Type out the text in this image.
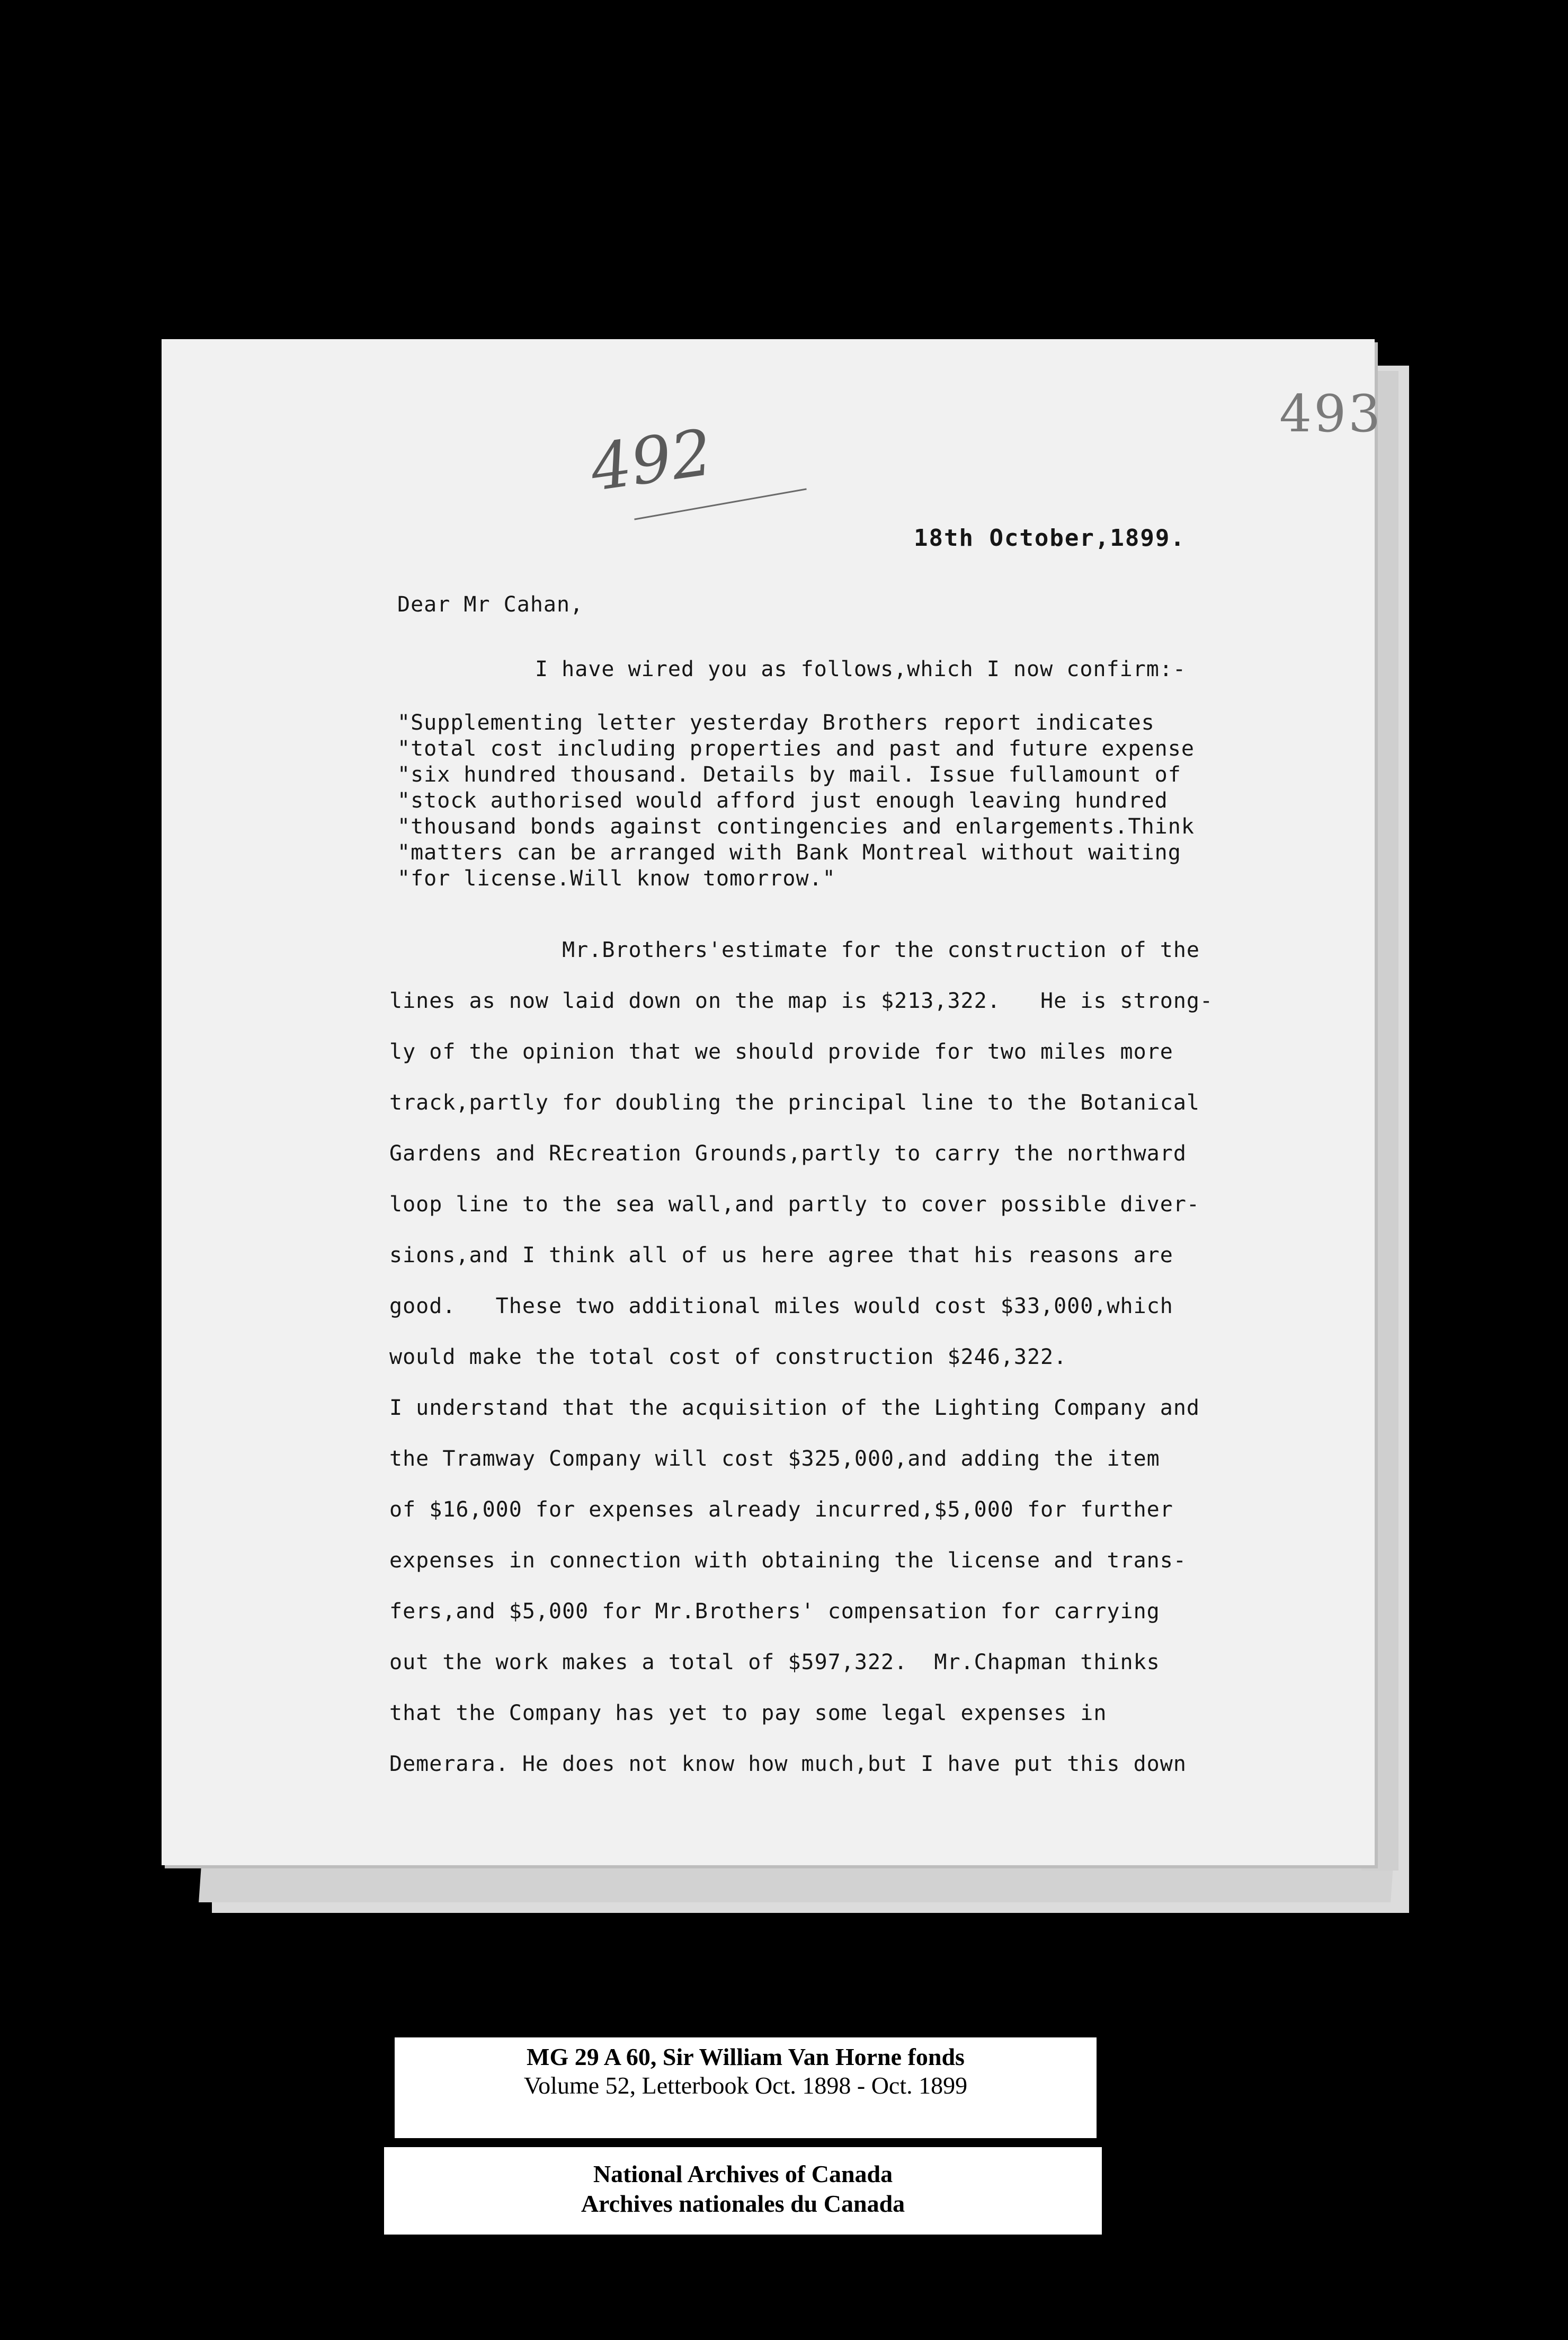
493
492
18th October,1899.
Dear Mr Cahan,
I have wired you as follows,which I now confirm:-
"Supplementing letter yesterday Brothers report indicates
"total cost including properties and past and future expense
"six hundred thousand. Details by mail. Issue fullamount of
"stock authorised would afford just enough leaving hundred
"thousand bonds against contingencies and enlargements.Think
"matters can be arranged with Bank Montreal without waiting
"for license.Will know tomorrow."
Mr.Brothers'estimate for the construction of the
lines as now laid down on the map is $213,322.   He is strong-
ly of the opinion that we should provide for two miles more
track,partly for doubling the principal line to the Botanical
Gardens and REcreation Grounds,partly to carry the northward
loop line to the sea wall,and partly to cover possible diver-
sions,and I think all of us here agree that his reasons are
good.   These two additional miles would cost $33,000,which
would make the total cost of construction $246,322.
I understand that the acquisition of the Lighting Company and
the Tramway Company will cost $325,000,and adding the item
of $16,000 for expenses already incurred,$5,000 for further
expenses in connection with obtaining the license and trans-
fers,and $5,000 for Mr.Brothers' compensation for carrying
out the work makes a total of $597,322.  Mr.Chapman thinks
that the Company has yet to pay some legal expenses in
Demerara. He does not know how much,but I have put this down
MG 29 A 60, Sir William Van Horne fonds
Volume 52, Letterbook Oct. 1898 - Oct. 1899
National Archives of Canada
Archives nationales du Canada
